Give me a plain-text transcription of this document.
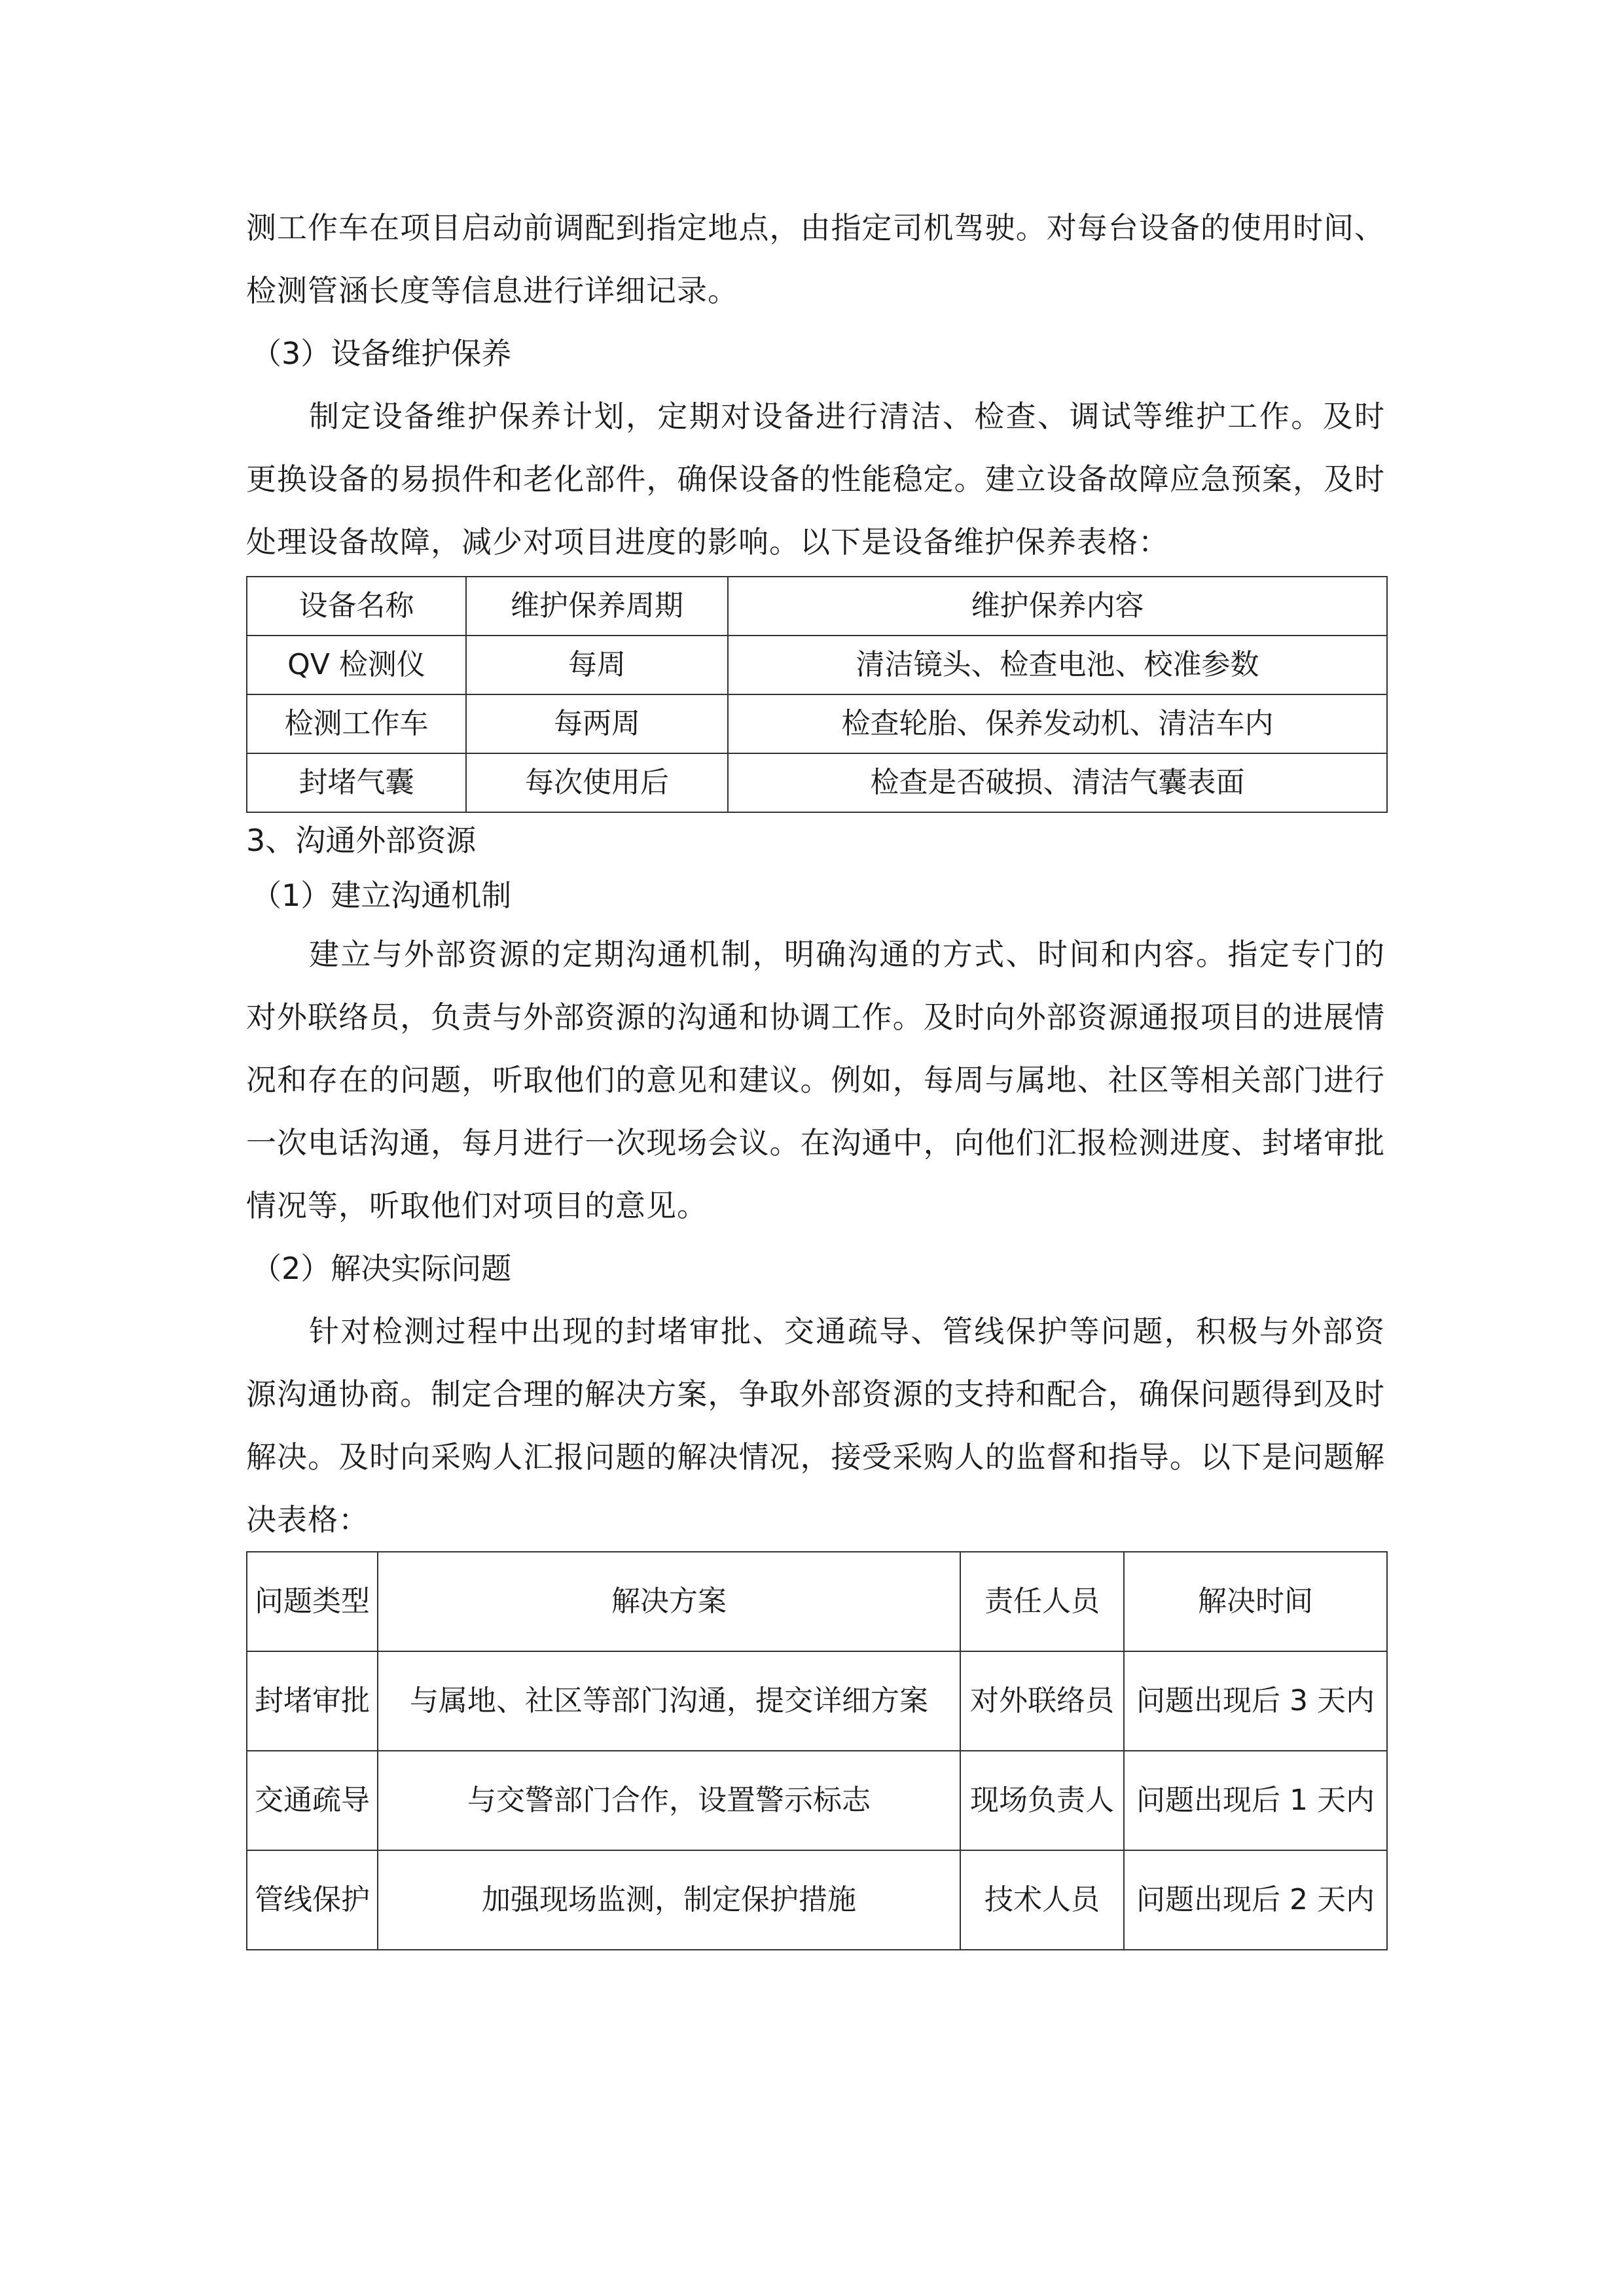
测工作车在项目启动前调配到指定地点，由指定司机驾驶。对每台设备的使用时间、检测管涵长度等信息进行详细记录。

（3）设备维护保养

制定设备维护保养计划，定期对设备进行清洁、检查、调试等维护工作。及时更换设备的易损件和老化部件，确保设备的性能稳定。建立设备故障应急预案，及时处理设备故障，减少对项目进度的影响。以下是设备维护保养表格：

设备名称	维护保养周期	维护保养内容
QV 检测仪	每周	清洁镜头、检查电池、校准参数
检测工作车	每两周	检查轮胎、保养发动机、清洁车内
封堵气囊	每次使用后	检查是否破损、清洁气囊表面

3、沟通外部资源

（1）建立沟通机制

建立与外部资源的定期沟通机制，明确沟通的方式、时间和内容。指定专门的对外联络员，负责与外部资源的沟通和协调工作。及时向外部资源通报项目的进展情况和存在的问题，听取他们的意见和建议。例如，每周与属地、社区等相关部门进行一次电话沟通，每月进行一次现场会议。在沟通中，向他们汇报检测进度、封堵审批情况等，听取他们对项目的意见。

（2）解决实际问题

针对检测过程中出现的封堵审批、交通疏导、管线保护等问题，积极与外部资源沟通协商。制定合理的解决方案，争取外部资源的支持和配合，确保问题得到及时解决。及时向采购人汇报问题的解决情况，接受采购人的监督和指导。以下是问题解决表格：

问题类型	解决方案	责任人员	解决时间
封堵审批	与属地、社区等部门沟通，提交详细方案	对外联络员	问题出现后 3 天内
交通疏导	与交警部门合作，设置警示标志	现场负责人	问题出现后 1 天内
管线保护	加强现场监测，制定保护措施	技术人员	问题出现后 2 天内
